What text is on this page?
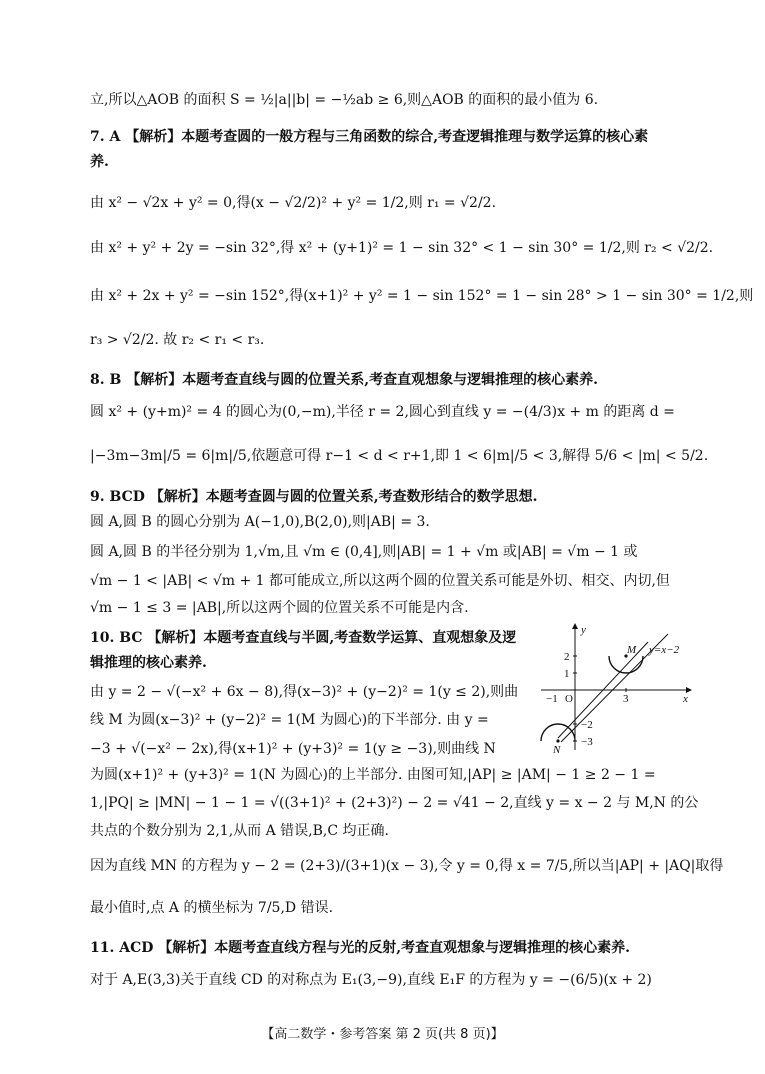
立,所以△AOB 的面积 S = ½|a||b| = −½ab ≥ 6,则△AOB 的面积的最小值为 6.
7. A 【解析】本题考查圆的一般方程与三角函数的综合,考查逻辑推理与数学运算的核心素
养.
由 x² − √2x + y² = 0,得(x − √2/2)² + y² = 1/2,则 r₁ = √2/2.
由 x² + y² + 2y = −sin 32°,得 x² + (y+1)² = 1 − sin 32° < 1 − sin 30° = 1/2,则 r₂ < √2/2.
由 x² + 2x + y² = −sin 152°,得(x+1)² + y² = 1 − sin 152° = 1 − sin 28° > 1 − sin 30° = 1/2,则
r₃ > √2/2. 故 r₂ < r₁ < r₃.
8. B 【解析】本题考查直线与圆的位置关系,考查直观想象与逻辑推理的核心素养.
圆 x² + (y+m)² = 4 的圆心为(0,−m),半径 r = 2,圆心到直线 y = −(4/3)x + m 的距离 d =
|−3m−3m|/5 = 6|m|/5,依题意可得 r−1 < d < r+1,即 1 < 6|m|/5 < 3,解得 5/6 < |m| < 5/2.
9. BCD 【解析】本题考查圆与圆的位置关系,考查数形结合的数学思想.
圆 A,圆 B 的圆心分别为 A(−1,0),B(2,0),则|AB| = 3.
圆 A,圆 B 的半径分别为 1,√m,且 √m ∈ (0,4],则|AB| = 1 + √m 或|AB| = √m − 1 或
√m − 1 < |AB| < √m + 1 都可能成立,所以这两个圆的位置关系可能是外切、相交、内切,但
√m − 1 ≤ 3 = |AB|,所以这两个圆的位置关系不可能是内含.
10. BC 【解析】本题考查直线与半圆,考查数学运算、直观想象及逻
辑推理的核心素养.
由 y = 2 − √(−x² + 6x − 8),得(x−3)² + (y−2)² = 1(y ≤ 2),则曲
线 M 为圆(x−3)² + (y−2)² = 1(M 为圆心)的下半部分. 由 y =
−3 + √(−x² − 2x),得(x+1)² + (y+3)² = 1(y ≥ −3),则曲线 N
为圆(x+1)² + (y+3)² = 1(N 为圆心)的上半部分. 由图可知,|AP| ≥ |AM| − 1 ≥ 2 − 1 =
1,|PQ| ≥ |MN| − 1 − 1 = √((3+1)² + (2+3)²) − 2 = √41 − 2,直线 y = x − 2 与 M,N 的公
共点的个数分别为 2,1,从而 A 错误,B,C 均正确.
因为直线 MN 的方程为 y − 2 = (2+3)/(3+1)(x − 3),令 y = 0,得 x = 7/5,所以当|AP| + |AQ|取得
最小值时,点 A 的横坐标为 7/5,D 错误.
11. ACD 【解析】本题考查直线方程与光的反射,考查直观想象与逻辑推理的核心素养.
对于 A,E(3,3)关于直线 CD 的对称点为 E₁(3,−9),直线 E₁F 的方程为 y = −(6/5)(x + 2)
y
x
O
2
1
−1	3
−2
−3
M
N
y=x−2
【高二数学・参考答案 第 2 页(共 8 页)】
